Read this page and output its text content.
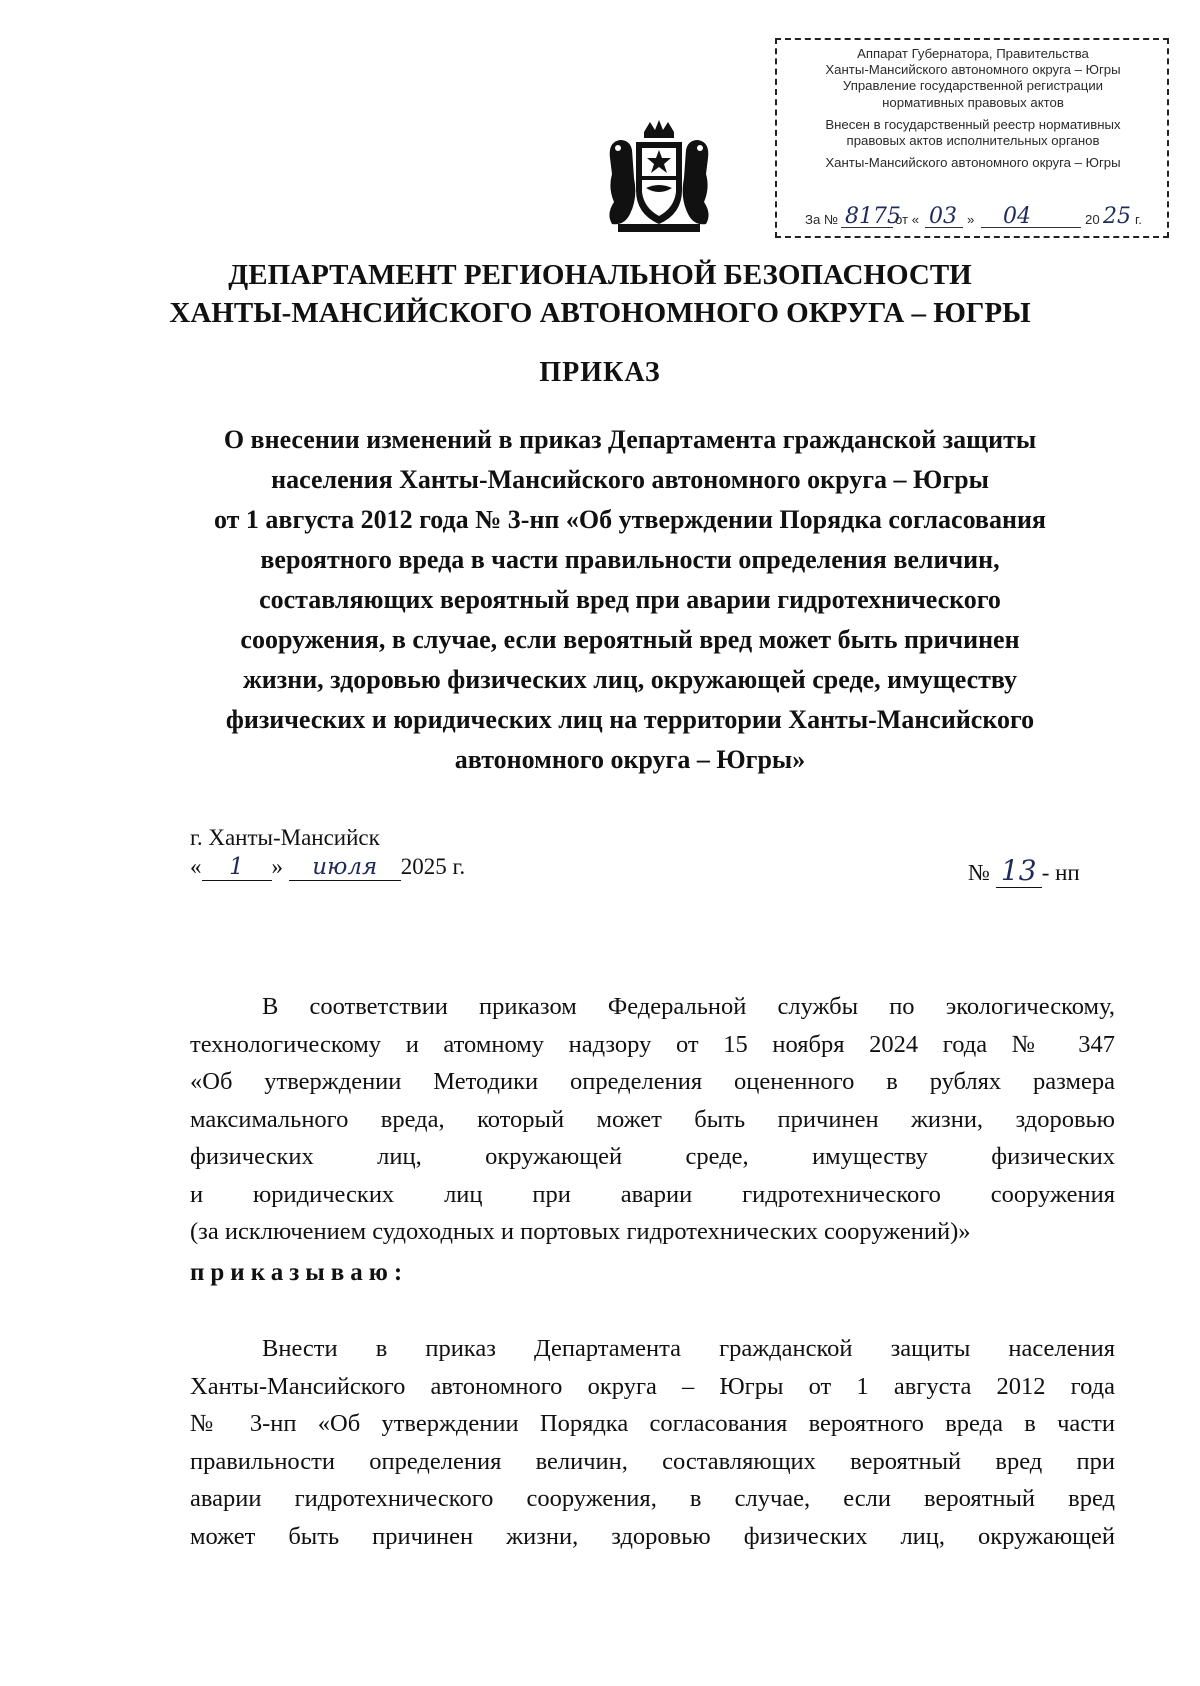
Аппарат Губернатора, Правительства
Ханты-Мансийского автономного округа – Югры
Управление государственной регистрации
нормативных правовых актов
Внесен в государственный реестр нормативных
правовых актов исполнительных органов
Ханты-Мансийского автономного округа – Югры
За № 8175
от « 03 » 04	20 25 г.
ДЕПАРТАМЕНТ РЕГИОНАЛЬНОЙ БЕЗОПАСНОСТИ
ХАНТЫ-МАНСИЙСКОГО АВТОНОМНОГО ОКРУГА – ЮГРЫ
ПРИКАЗ
О внесении изменений в приказ Департамента гражданской защиты
населения Ханты-Мансийского автономного округа – Югры
от 1 августа 2012 года № 3-нп «Об утверждении Порядка согласования
вероятного вреда в части правильности определения величин,
составляющих вероятный вред при аварии гидротехнического
сооружения, в случае, если вероятный вред может быть причинен
жизни, здоровью физических лиц, окружающей среде, имуществу
физических и юридических лиц на территории Ханты-Мансийского
автономного округа – Югры»
г. Ханты-Мансийск
« 1 » июля 2025 г.	№ 13 - нп
В соответствии приказом Федеральной службы по экологическому,
технологическому и атомному надзору от 15 ноября 2024 года № 347
«Об утверждении Методики определения оцененного в рублях размера
максимального вреда, который может быть причинен жизни, здоровью
физических лиц, окружающей среде, имуществу физических
и юридических лиц при аварии гидротехнического сооружения
(за исключением судоходных и портовых гидротехнических сооружений)»
приказываю:
Внести в приказ Департамента гражданской защиты населения
Ханты-Мансийского автономного округа – Югры от 1 августа 2012 года
№ 3-нп «Об утверждении Порядка согласования вероятного вреда в части
правильности определения величин, составляющих вероятный вред при
аварии гидротехнического сооружения, в случае, если вероятный вред
может быть причинен жизни, здоровью физических лиц, окружающей
